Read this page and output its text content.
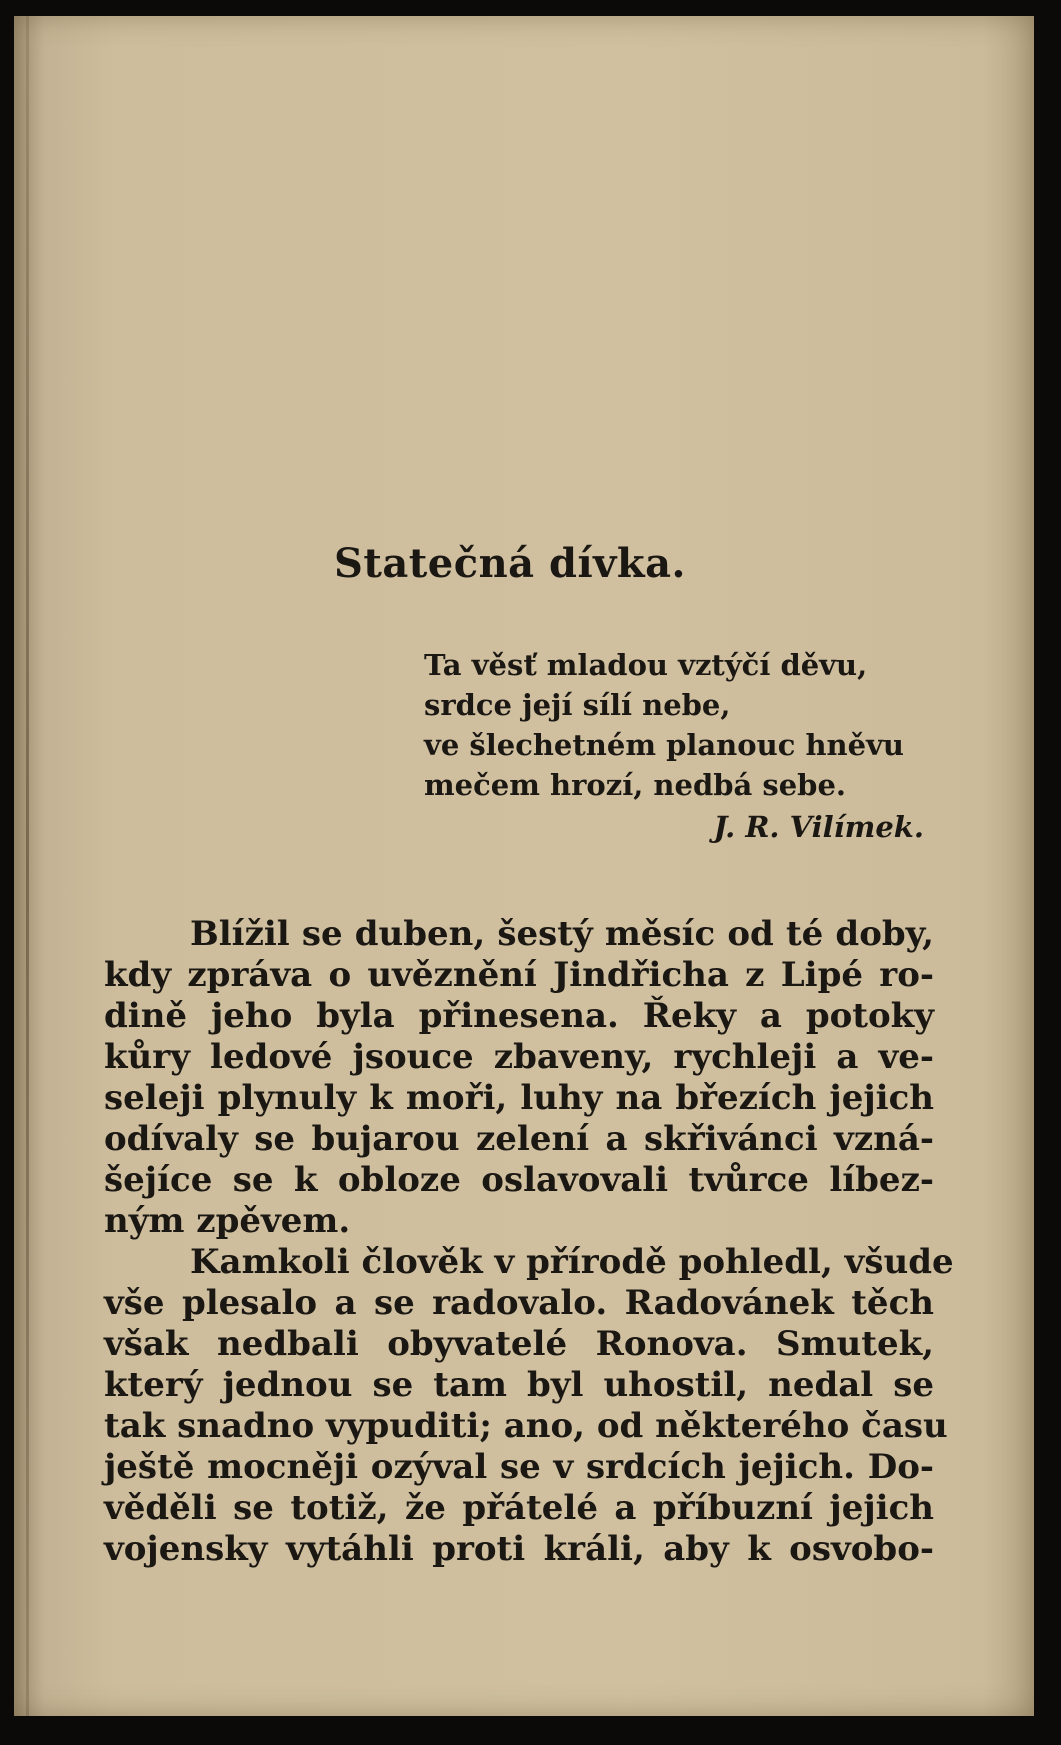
Statečná dívka.
Ta věsť mladou vztýčí děvu,
srdce její sílí nebe,
ve šlechetném planouc hněvu
mečem hrozí, nedbá sebe.
J. R. Vilímek.
Blížil se duben, šestý měsíc od té doby,
kdy zpráva o uvěznění Jindřicha z Lipé ro-
dině jeho byla přinesena. Řeky a potoky
kůry ledové jsouce zbaveny, rychleji a ve-
seleji plynuly k moři, luhy na březích jejich
odívaly se bujarou zelení a skřivánci vzná-
šejíce se k obloze oslavovali tvůrce líbez-
ným zpěvem.
Kamkoli člověk v přírodě pohledl, všude
vše plesalo a se radovalo. Radovánek těch
však nedbali obyvatelé Ronova. Smutek,
který jednou se tam byl uhostil, nedal se
tak snadno vypuditi; ano, od některého času
ještě mocněji ozýval se v srdcích jejich. Do-
věděli se totiž, že přátelé a příbuzní jejich
vojensky vytáhli proti králi, aby k osvobo-
